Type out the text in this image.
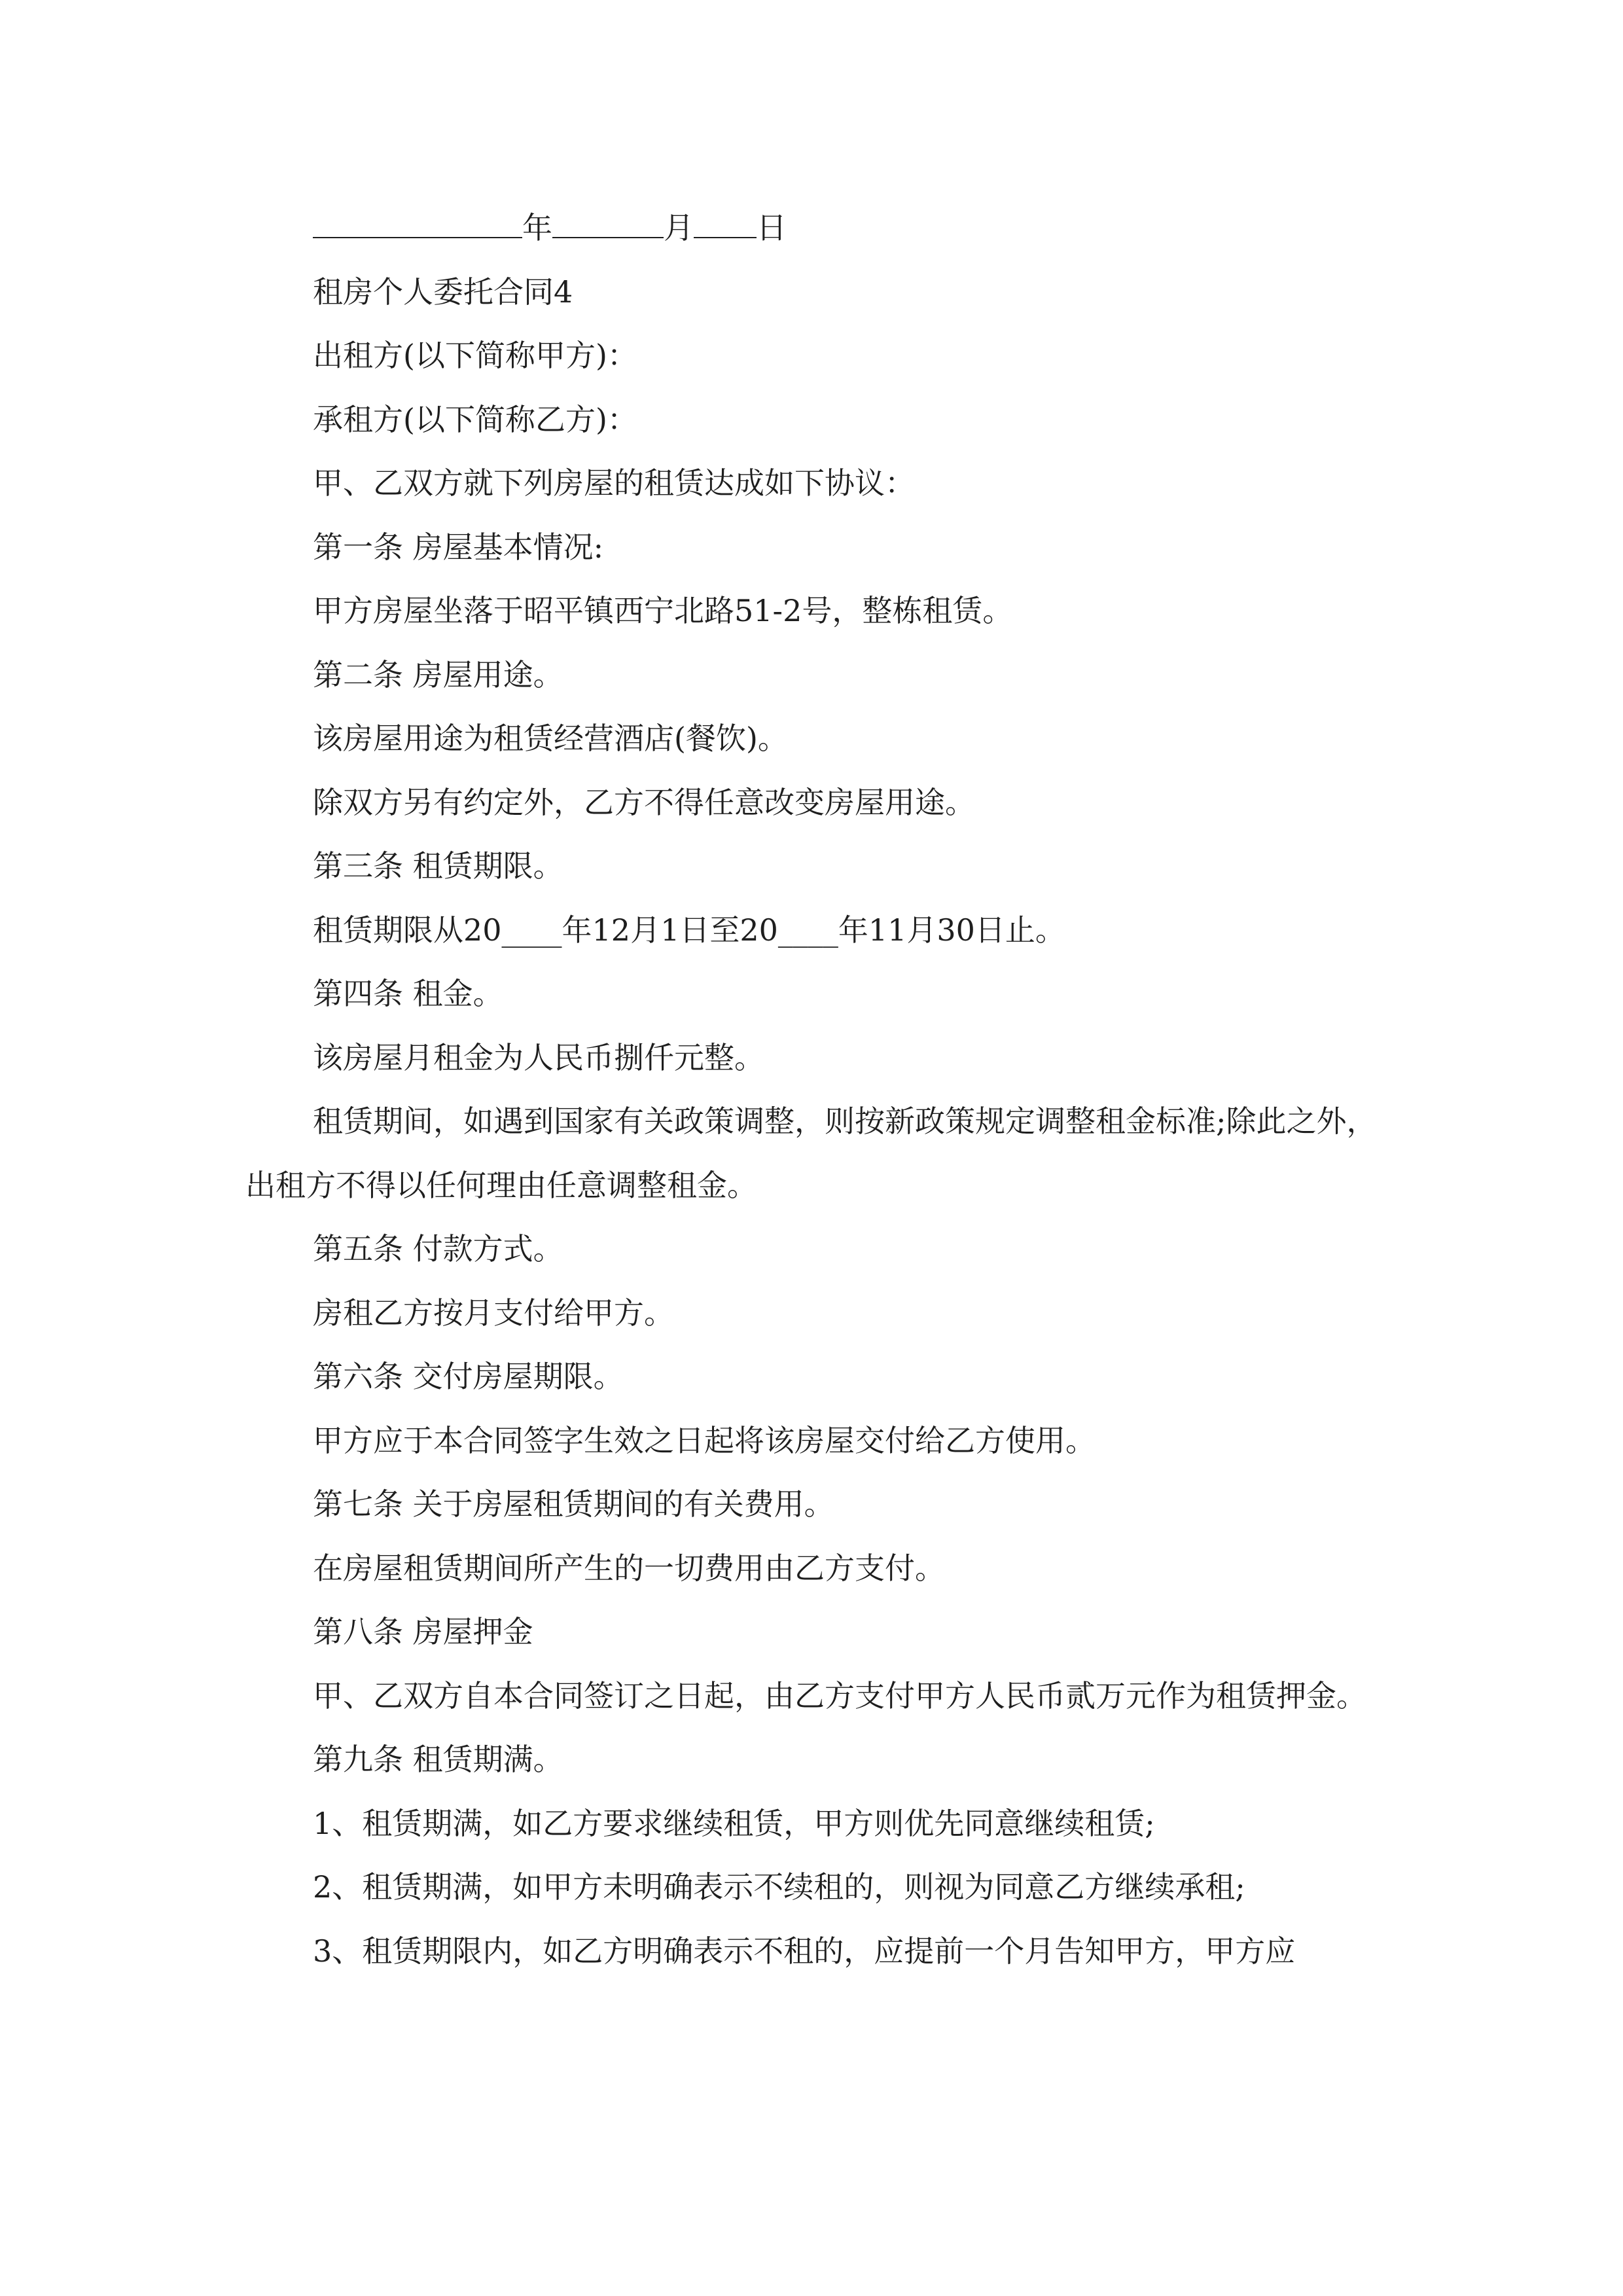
年	月 日

租房个人委托合同4

出租方(以下简称甲方)：

承租方(以下简称乙方)：

甲、乙双方就下列房屋的租赁达成如下协议：

第一条 房屋基本情况:

甲方房屋坐落于昭平镇西宁北路51-2号，整栋租赁。

第二条 房屋用途。

该房屋用途为租赁经营酒店(餐饮)。

除双方另有约定外，乙方不得任意改变房屋用途。

第三条 租赁期限。

租赁期限从20____年12月1日至20____年11月30日止。

第四条 租金。

该房屋月租金为人民币捌仟元整。

租赁期间，如遇到国家有关政策调整，则按新政策规定调整租金标准;除此之外，出租方不得以任何理由任意调整租金。

第五条 付款方式。

房租乙方按月支付给甲方。

第六条 交付房屋期限。

甲方应于本合同签字生效之日起将该房屋交付给乙方使用。

第七条 关于房屋租赁期间的有关费用。

在房屋租赁期间所产生的一切费用由乙方支付。

第八条 房屋押金

甲、乙双方自本合同签订之日起，由乙方支付甲方人民币贰万元作为租赁押金。

第九条 租赁期满。

1、租赁期满，如乙方要求继续租赁，甲方则优先同意继续租赁;

2、租赁期满，如甲方未明确表示不续租的，则视为同意乙方继续承租;

3、租赁期限内，如乙方明确表示不租的，应提前一个月告知甲方，甲方应
